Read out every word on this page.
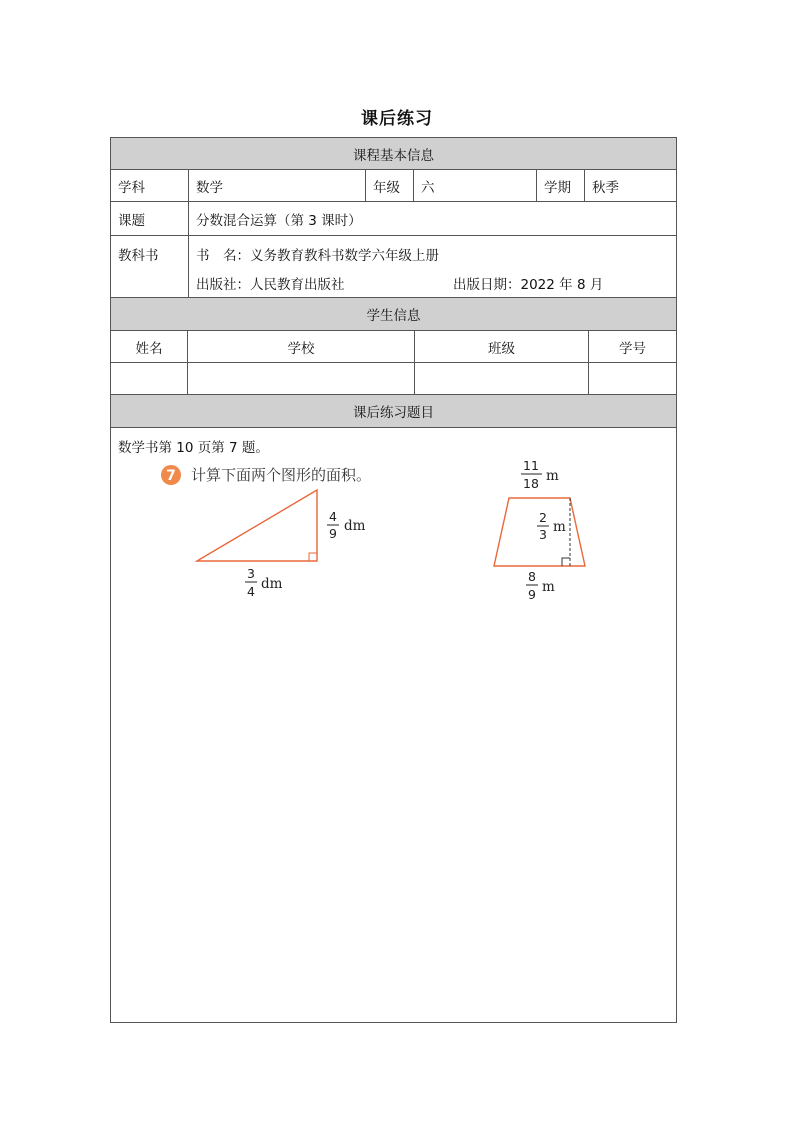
课后练习
课程基本信息
学科	数学	年级	六	学期	秋季
课题	分数混合运算（第 3 课时）
教科书	书　名：义务教育教科书数学六年级上册
出版社：人民教育出版社	出版日期：2022 年 8 月
学生信息
姓名	学校	班级	学号
课后练习题目
数学书第 10 页第 7 题。
7 计算下面两个图形的面积。
4
9 dm
3
4 dm
11
18 m
2
3 m
8
9 m
